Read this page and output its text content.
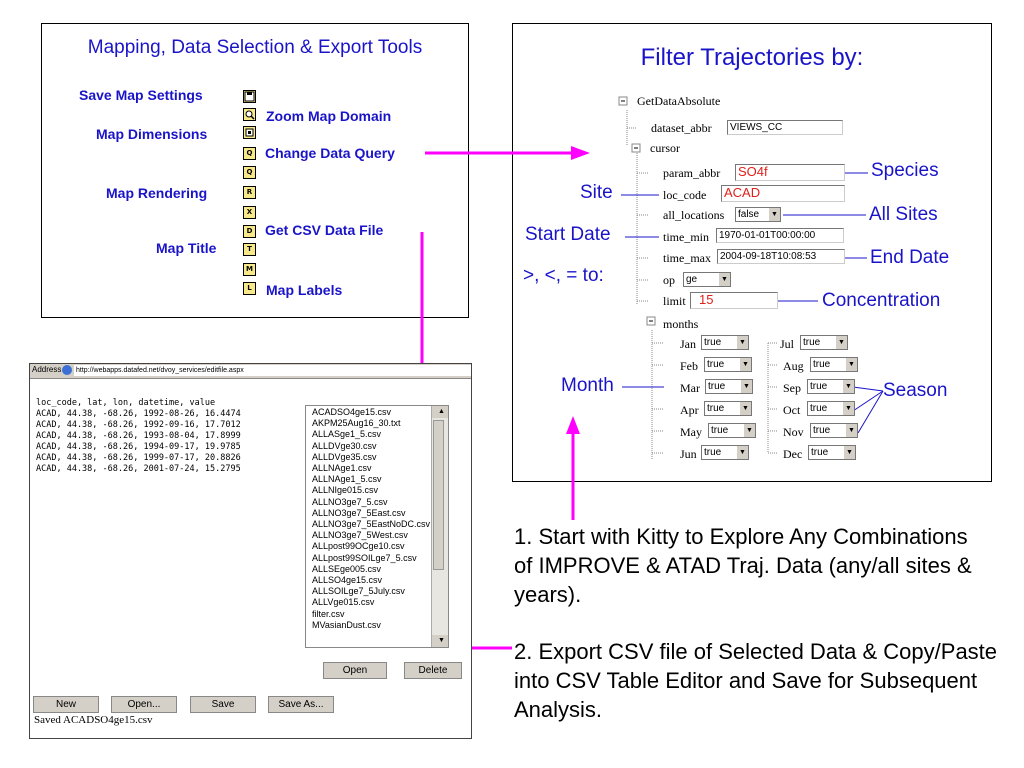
Mapping, Data Selection & Export Tools
Save Map Settings
Map Dimensions
Map Rendering
Map Title
Zoom Map Domain
Change Data Query
Get CSV Data File
Map Labels
Q
Q
R
X
D
T
M
L
Filter Trajectories by:
GetDataAbsolute
dataset_abbr	VIEWS_CC
cursor
param_abbr SO4f
loc_code ACAD
all_locations	false	▼
time_min	1970-01-01T00:00:00
time_max 2004-09-18T10:08:53
op	ge	▼
limit	15
months
Jan true	▼
Feb true	▼
Mar true	▼
Apr true	▼
May true	▼
Jun true	▼
Jul true	▼
Aug true	▼
Sep true	▼
Oct true	▼
Nov true	▼
Dec true	▼
Species
Site
All Sites
Start Date
End Date
>, <, = to:
Concentration
Month	Season
Address http://webapps.datafed.net/dvoy_services/editfile.aspx
loc_code, lat, lon, datetime, value
ACAD, 44.38, -68.26, 1992-08-26, 16.4474
ACAD, 44.38, -68.26, 1992-09-16, 17.7012
ACAD, 44.38, -68.26, 1993-08-04, 17.8999
ACAD, 44.38, -68.26, 1994-09-17, 19.9785
ACAD, 44.38, -68.26, 1999-07-17, 20.8826
ACAD, 44.38, -68.26, 2001-07-24, 15.2795
ACADSO4ge15.csv
AKPM25Aug16_30.txt
ALLASge1_5.csv
ALLDVge30.csv
ALLDVge35.csv
ALLNAge1.csv
ALLNAge1_5.csv
ALLNIge015.csv
ALLNO3ge7_5.csv
ALLNO3ge7_5East.csv
ALLNO3ge7_5EastNoDC.csv
ALLNO3ge7_5West.csv
ALLpost99OCge10.csv
ALLpost99SOILge7_5.csv
ALLSEge005.csv
ALLSO4ge15.csv
ALLSOILge7_5July.csv
ALLVge015.csv
filter.csv
MVasianDust.csv
▲
▼
Open	Delete
New	Open...	Save	Save As...
Saved ACADSO4ge15.csv
1. Start with Kitty to Explore Any Combinations of IMPROVE & ATAD Traj. Data (any/all sites & years).
2. Export CSV file of Selected Data & Copy/Paste into CSV Table Editor and Save for Subsequent Analysis.
